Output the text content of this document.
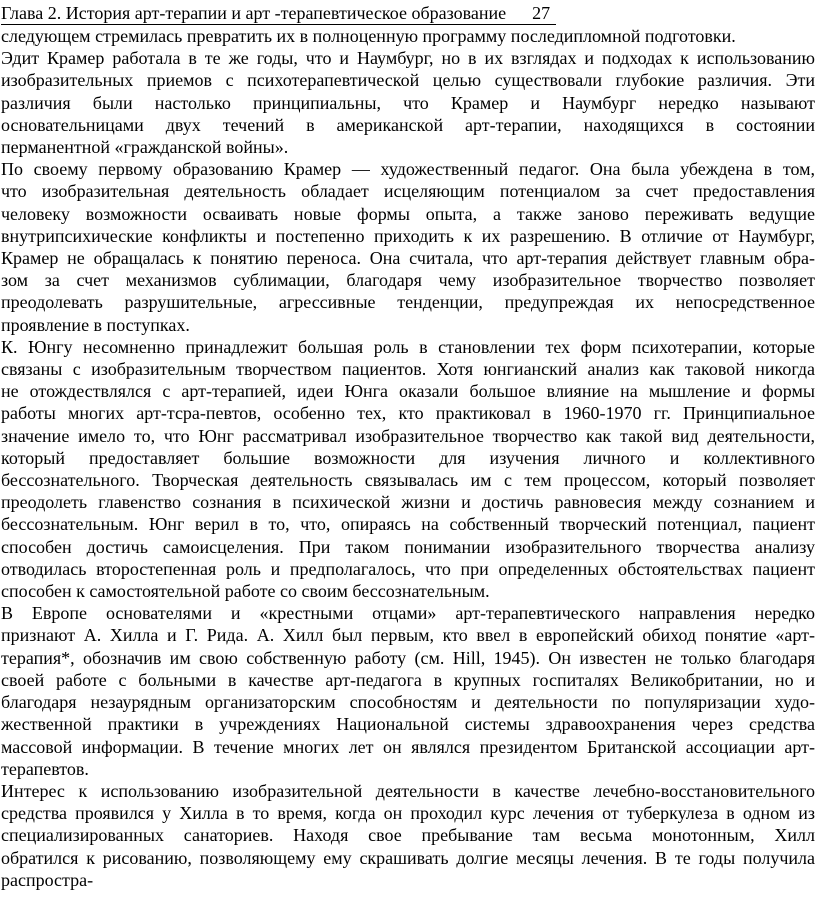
Глава 2. История арт-терапии и арт -терапевтическое образование 27
следующем стремилась превратить их в полноценную программу последипломной подготовки.
Эдит Крамер работала в те же годы, что и Наумбург, но в их взглядах и подходах к использованию
изобразительных приемов с психотерапевтической целью существовали глубокие различия. Эти
различия были настолько принципиальны, что Крамер и Наумбург нередко называют
основательницами двух течений в американской арт-терапии, находящихся в состоянии
перманентной «гражданской войны».
По своему первому образованию Крамер — художественный педагог. Она была убеждена в том,
что изобразительная деятельность обладает исцеляющим потенциалом за счет предоставления
человеку возможности осваивать новые формы опыта, а также заново переживать ведущие
внутрипсихические конфликты и постепенно приходить к их разрешению. В отличие от Наумбург,
Крамер не обращалась к понятию переноса. Она считала, что арт-терапия действует главным обра-
зом за счет механизмов сублимации, благодаря чему изобразительное творчество позволяет
преодолевать разрушительные, агрессивные тенденции, предупреждая их непосредственное
проявление в поступках.
К. Юнгу несомненно принадлежит большая роль в становлении тех форм психотерапии, которые
связаны с изобразительным творчеством пациентов. Хотя юнгианский анализ как таковой никогда
не отождествлялся с арт-терапией, идеи Юнга оказали большое влияние на мышление и формы
работы многих арт-тсра-певтов, особенно тех, кто практиковал в 1960-1970 гг. Принципиальное
значение имело то, что Юнг рассматривал изобразительное творчество как такой вид деятельности,
который предоставляет большие возможности для изучения личного и коллективного
бессознательного. Творческая деятельность связывалась им с тем процессом, который позволяет
преодолеть главенство сознания в психической жизни и достичь равновесия между сознанием и
бессознательным. Юнг верил в то, что, опираясь на собственный творческий потенциал, пациент
способен достичь самоисцеления. При таком понимании изобразительного творчества анализу
отводилась второстепенная роль и предполагалось, что при определенных обстоятельствах пациент
способен к самостоятельной работе со своим бессознательным.
В Европе основателями и «крестными отцами» арт-терапевтического направления нередко
признают А. Хилла и Г. Рида. А. Хилл был первым, кто ввел в европейский обиход понятие «арт-
терапия*, обозначив им свою собственную работу (см. Hill, 1945). Он известен не только благодаря
своей работе с больными в качестве арт-педагога в крупных госпиталях Великобритании, но и
благодаря незаурядным организаторским способностям и деятельности по популяризации худо-
жественной практики в учреждениях Национальной системы здравоохранения через средства
массовой информации. В течение многих лет он являлся президентом Британской ассоциации арт-
терапевтов.
Интерес к использованию изобразительной деятельности в качестве лечебно-восстановительного
средства проявился у Хилла в то время, когда он проходил курс лечения от туберкулеза в одном из
специализированных санаториев. Находя свое пребывание там весьма монотонным, Хилл
обратился к рисованию, позволяющему ему скрашивать долгие месяцы лечения. В те годы получила
распростра-
